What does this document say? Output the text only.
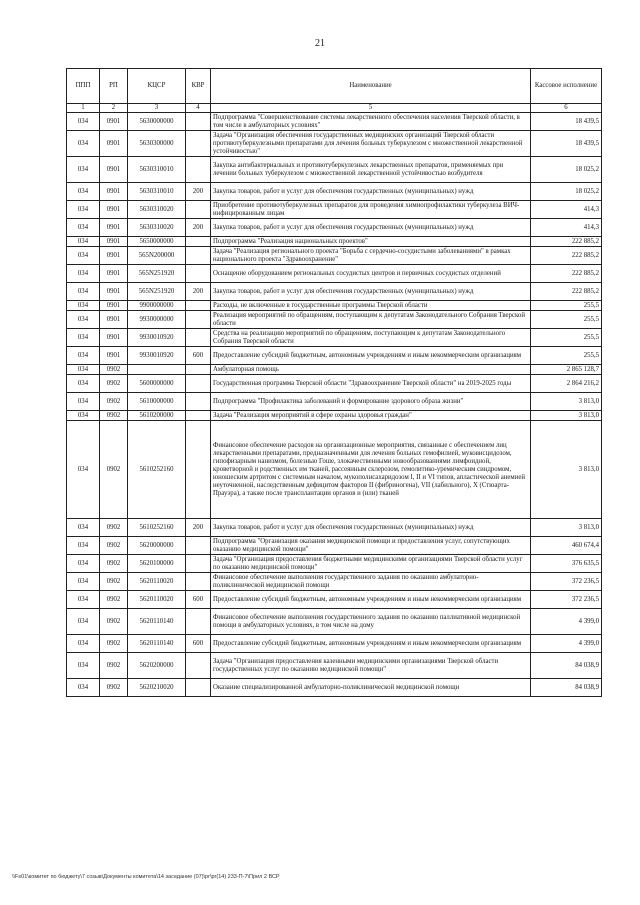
21
ППП	РП	КЦСР	КВР	Наименование	Кассовое исполнение
1	2	3	4	5	6
034	0901	5630000000		Подпрограмма "Совершенствование системы лекарственного обеспечения населения Тверской области, в том числе в амбулаторных условиях"	18 439,5
034	0901	5630300000		Задача "Организация обеспечения государственных медицинских организаций Тверской области противотуберкулезными препаратами для лечения больных туберкулезом с множественной лекарственной устойчивостью"	18 439,5
034	0901	5630310010		Закупка антибактериальных и противотуберкулезных лекарственных препаратов, применяемых при лечении больных туберкулезом с множественной лекарственной устойчивостью возбудителя	18 025,2
034	0901	5630310010	200	Закупка товаров, работ и услуг для обеспечения государственных (муниципальных) нужд	18 025,2
034	0901	5630310020		Приобретение противотуберкулезных препаратов для проведения химиопрофилактики туберкулеза ВИЧ-инфицированным лицам	414,3
034	0901	5630310020	200	Закупка товаров, работ и услуг для обеспечения государственных (муниципальных) нужд	414,3
034	0901	5650000000		Подпрограмма "Реализация национальных проектов"	222 885,2
034	0901	565N200000		Задача "Реализация регионального проекта "Борьба с сердечно-сосудистыми заболеваниями" в рамках национального проекта "Здравоохранение"	222 885,2
034	0901	565N251920		Оснащение оборудованием региональных сосудистых центров и первичных сосудистых отделений	222 885,2
034	0901	565N251920	200	Закупка товаров, работ и услуг для обеспечения государственных (муниципальных) нужд	222 885,2
034	0901	9900000000		Расходы, не включенные в государственные программы Тверской области	255,5
034	0901	9930000000		Реализация мероприятий по обращениям, поступающим к депутатам Законодательного Собрания Тверской области	255,5
034	0901	9930010920		Средства на реализацию мероприятий по обращениям, поступающим к депутатам Законодательного Собрания Тверской области	255,5
034	0901	9930010920	600	Предоставление субсидий бюджетным, автономным учреждениям и иным некоммерческим организациям	255,5
034	0902			Амбулаторная помощь	2 865 128,7
034	0902	5600000000		Государственная программа Тверской области "Здравоохранение Тверской области" на 2019-2025 годы	2 864 216,2
034	0902	5610000000		Подпрограмма "Профилактика заболеваний и формирование здорового образа жизни"	3 813,0
034	0902	5610200000		Задача "Реализация мероприятий в сфере охраны здоровья граждан"	3 813,0
034	0902	5610252160		Финансовое обеспечение расходов на организационные мероприятия, связанные с обеспечением лиц лекарственными препаратами, предназначенными для лечения больных гемофилией, муковисцидозом, гипофизарным нанизмом, болезнью Гоше, злокачественными новообразованиями лимфоидной, кроветворной и родственных им тканей, рассеянным склерозом, гемолитико-уремическим синдромом, юношеским артритом с системным началом, мукополисахаридозом I, II и VI типов, апластической анемией неуточненной, наследственным дефицитом факторов II (фибриногена), VII (лабильного), X (Стюарта-Прауэра), а также после трансплантации органов и (или) тканей	3 813,0
034	0902	5610252160	200	Закупка товаров, работ и услуг для обеспечения государственных (муниципальных) нужд	3 813,0
034	0902	5620000000		Подпрограмма "Организация оказания медицинской помощи и предоставления услуг, сопутствующих оказанию медицинской помощи"	460 674,4
034	0902	5620100000		Задача "Организация предоставления бюджетными медицинскими организациями Тверской области услуг по оказанию медицинской помощи"	376 635,5
034	0902	5620110020		Финансовое обеспечение выполнения государственного задания по оказанию амбулаторно-поликлинической медицинской помощи	372 236,5
034	0902	5620110020	600	Предоставление субсидий бюджетным, автономным учреждениям и иным некоммерческим организациям	372 236,5
034	0902	5620110140		Финансовое обеспечение выполнения государственного задания по оказанию паллиативной медицинской помощи в амбулаторных условиях, в том числе на дому	4 399,0
034	0902	5620110140	600	Предоставление субсидий бюджетным, автономным учреждениям и иным некоммерческим организациям	4 399,0
034	0902	5620200000		Задача "Организация предоставления казенными медицинскими организациями Тверской области государственных услуг по оказанию медицинской помощи"	84 038,9
034	0902	5620210020		Оказание специализированной амбулаторно-поликлинической медицинской помощи	84 038,9
\\Fs01\комитет по бюджету\7 созыв\Документы комитета\14 заседание (07)\pr\pr(14) 233-П-7\Прил 2 ВСР
